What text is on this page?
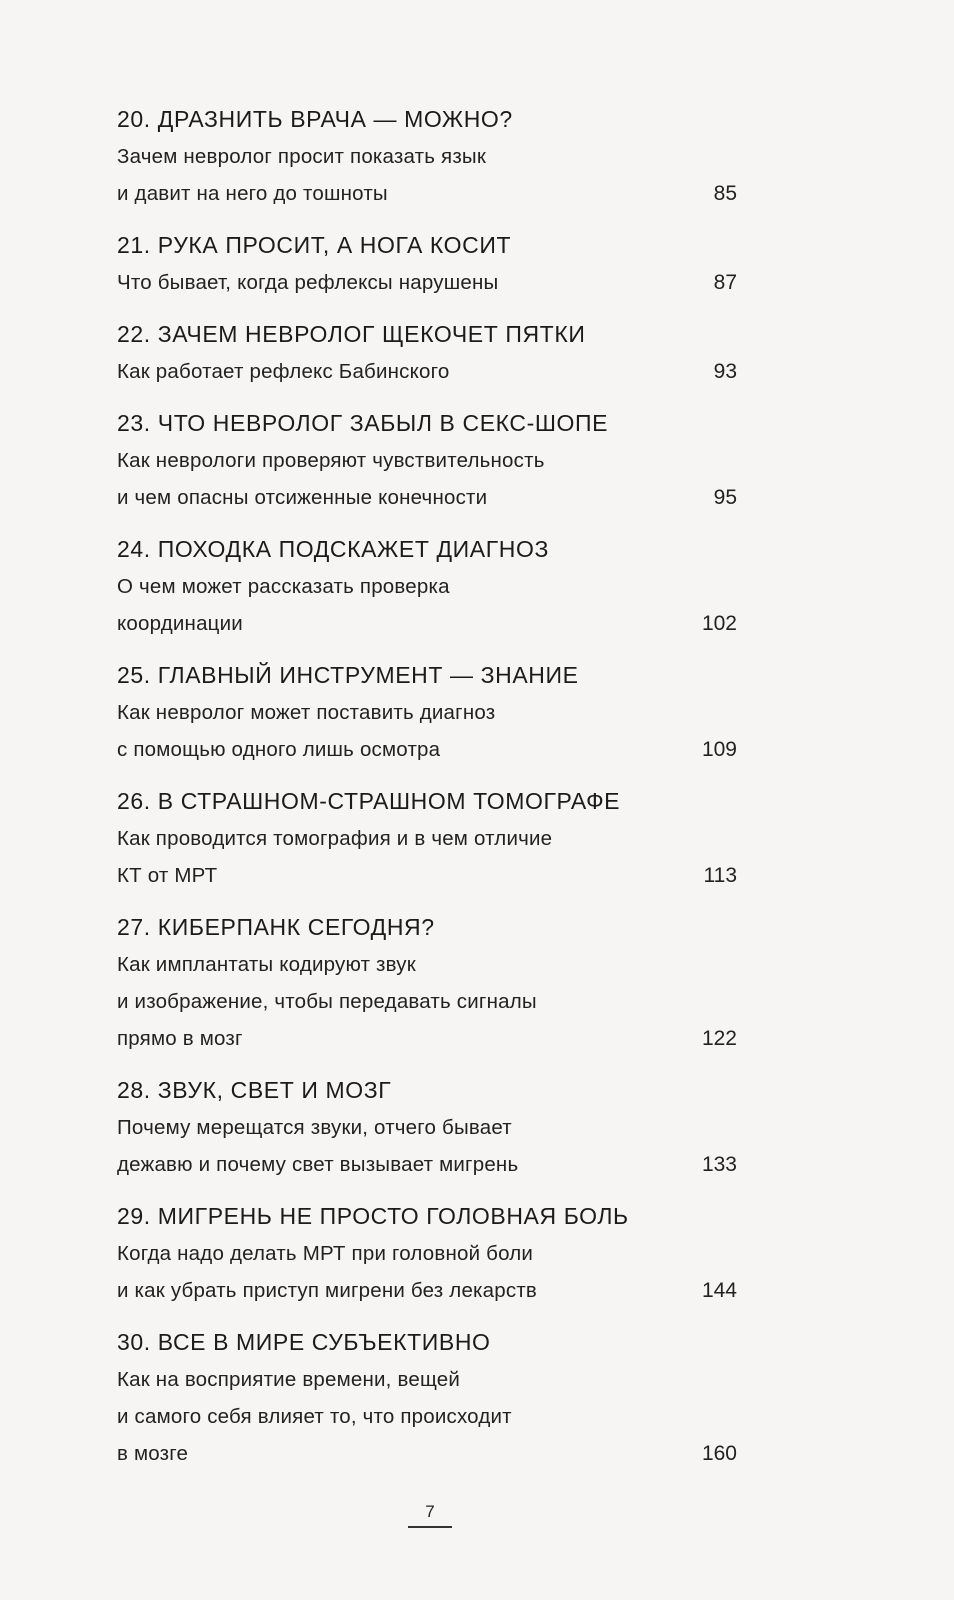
20. ДРАЗНИТЬ ВРАЧА — МОЖНО?
Зачем невролог просит показать язык
и давит на него до тошноты	85
21. РУКА ПРОСИТ, А НОГА КОСИТ
Что бывает, когда рефлексы нарушены	87
22. ЗАЧЕМ НЕВРОЛОГ ЩЕКОЧЕТ ПЯТКИ
Как работает рефлекс Бабинского	93
23. ЧТО НЕВРОЛОГ ЗАБЫЛ В СЕКС-ШОПЕ
Как неврологи проверяют чувствительность
и чем опасны отсиженные конечности	95
24. ПОХОДКА ПОДСКАЖЕТ ДИАГНОЗ
О чем может рассказать проверка
координации	102
25. ГЛАВНЫЙ ИНСТРУМЕНТ — ЗНАНИЕ
Как невролог может поставить диагноз
с помощью одного лишь осмотра	109
26. В СТРАШНОМ-СТРАШНОМ ТОМОГРАФЕ
Как проводится томография и в чем отличие
КТ от МРТ	113
27. КИБЕРПАНК СЕГОДНЯ?
Как имплантаты кодируют звук
и изображение, чтобы передавать сигналы
прямо в мозг	122
28. ЗВУК, СВЕТ И МОЗГ
Почему мерещатся звуки, отчего бывает
дежавю и почему свет вызывает мигрень	133
29. МИГРЕНЬ НЕ ПРОСТО ГОЛОВНАЯ БОЛЬ
Когда надо делать МРТ при головной боли
и как убрать приступ мигрени без лекарств	144
30. ВСЕ В МИРЕ СУБЪЕКТИВНО
Как на восприятие времени, вещей
и самого себя влияет то, что происходит
в мозге	160
7
